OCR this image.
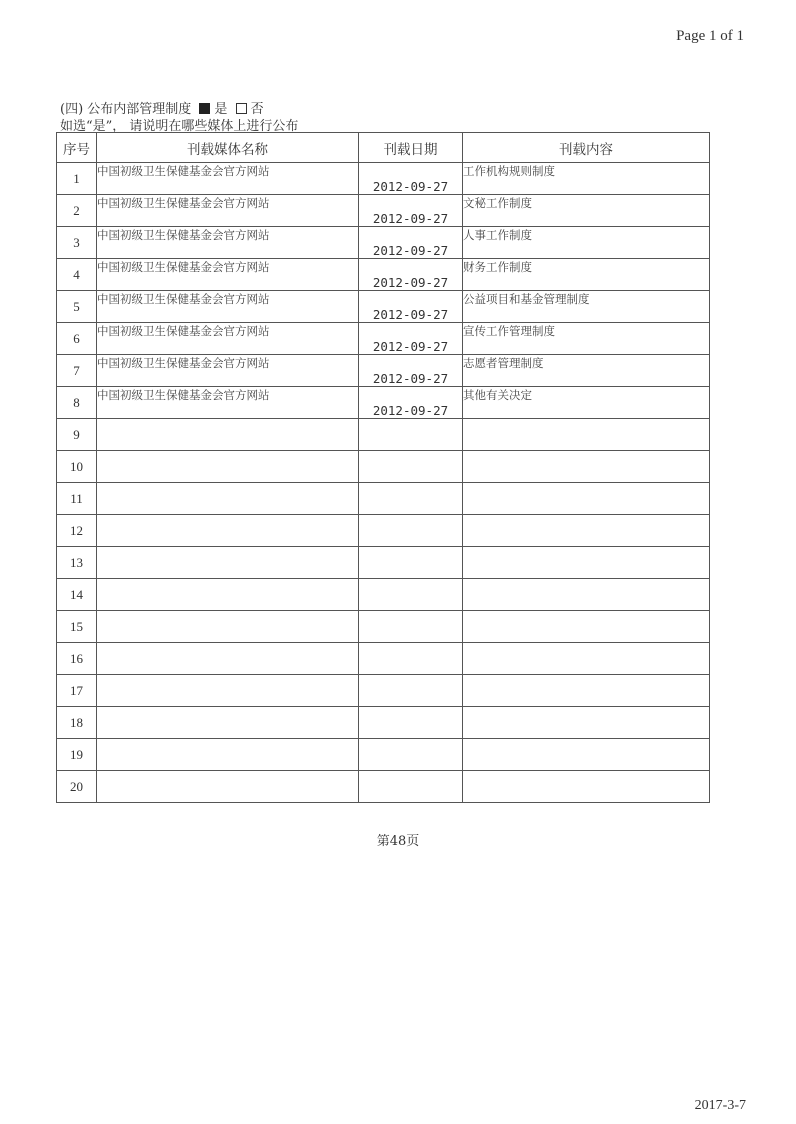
Page 1 of 1
(四) 公布内部管理制度 是 否
如选“是”， 请说明在哪些媒体上进行公布
序号	刊载媒体名称	刊载日期	刊载内容
1	中国初级卫生保健基金会官方网站	2012-09-27	工作机构规则制度
2	中国初级卫生保健基金会官方网站	2012-09-27	文秘工作制度
3	中国初级卫生保健基金会官方网站	2012-09-27	人事工作制度
4	中国初级卫生保健基金会官方网站	2012-09-27	财务工作制度
5	中国初级卫生保健基金会官方网站	2012-09-27	公益项目和基金管理制度
6	中国初级卫生保健基金会官方网站	2012-09-27	宣传工作管理制度
7	中国初级卫生保健基金会官方网站	2012-09-27	志愿者管理制度
8	中国初级卫生保健基金会官方网站	2012-09-27	其他有关决定
9			
10			
11			
12			
13			
14			
15			
16			
17			
18			
19			
20			
第48页
2017-3-7
